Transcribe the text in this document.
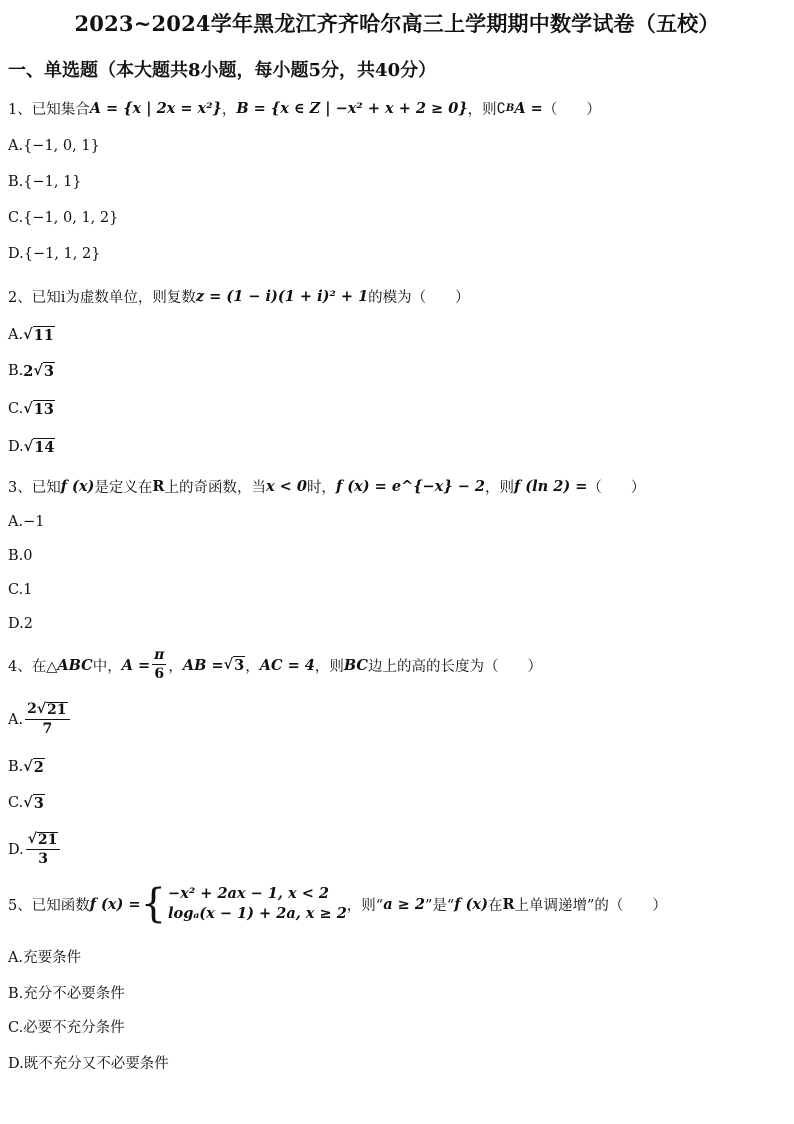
2023~2024学年黑龙江齐齐哈尔高三上学期期中数学试卷（五校）
一、单选题（本大题共8小题，每小题5分，共40分）
1、已知集合 A = {x | 2x = x²} ， B = {x ∈ Z | −x² + x + 2 ≥ 0} ，则 ∁ B A = （　　）
A.{−1, 0, 1}
B.{−1, 1}
C.{−1, 0, 1, 2}
D.{−1, 1, 2}
2、已知i为虚数单位，则复数 z = (1 − i)(1 + i)² + 1 的模为（　　）
A. √ 11
B. 2 √ 3
C. √ 13
D. √ 14
3、已知 f (x) 是定义在 R 上的奇函数，当 x < 0 时， f (x) = e^{−x} − 2 ，则 f (ln 2) = （　　）
A.−1
B.0
C.1
D.2
4、在△ ABC 中， $A = \frac{\pi}{6}$ ， AB = √ 3 ， AC = 4 ，则 BC 边上的高的长度为（　　）
A. $\frac{2 √ 21}{7}$
B. √ 2
C. √ 3
D. $\frac{√ 21}{3}$
5、已知函数 f (x) = { −x² + 2ax − 1, x < 2
logₐ(x − 1) + 2a, x ≥ 2 ，则“ a ≥ 2 ”是“ f (x) 在 R 上单调递增”的（　　）
A.充要条件
B.充分不必要条件
C.必要不充分条件
D.既不充分又不必要条件
